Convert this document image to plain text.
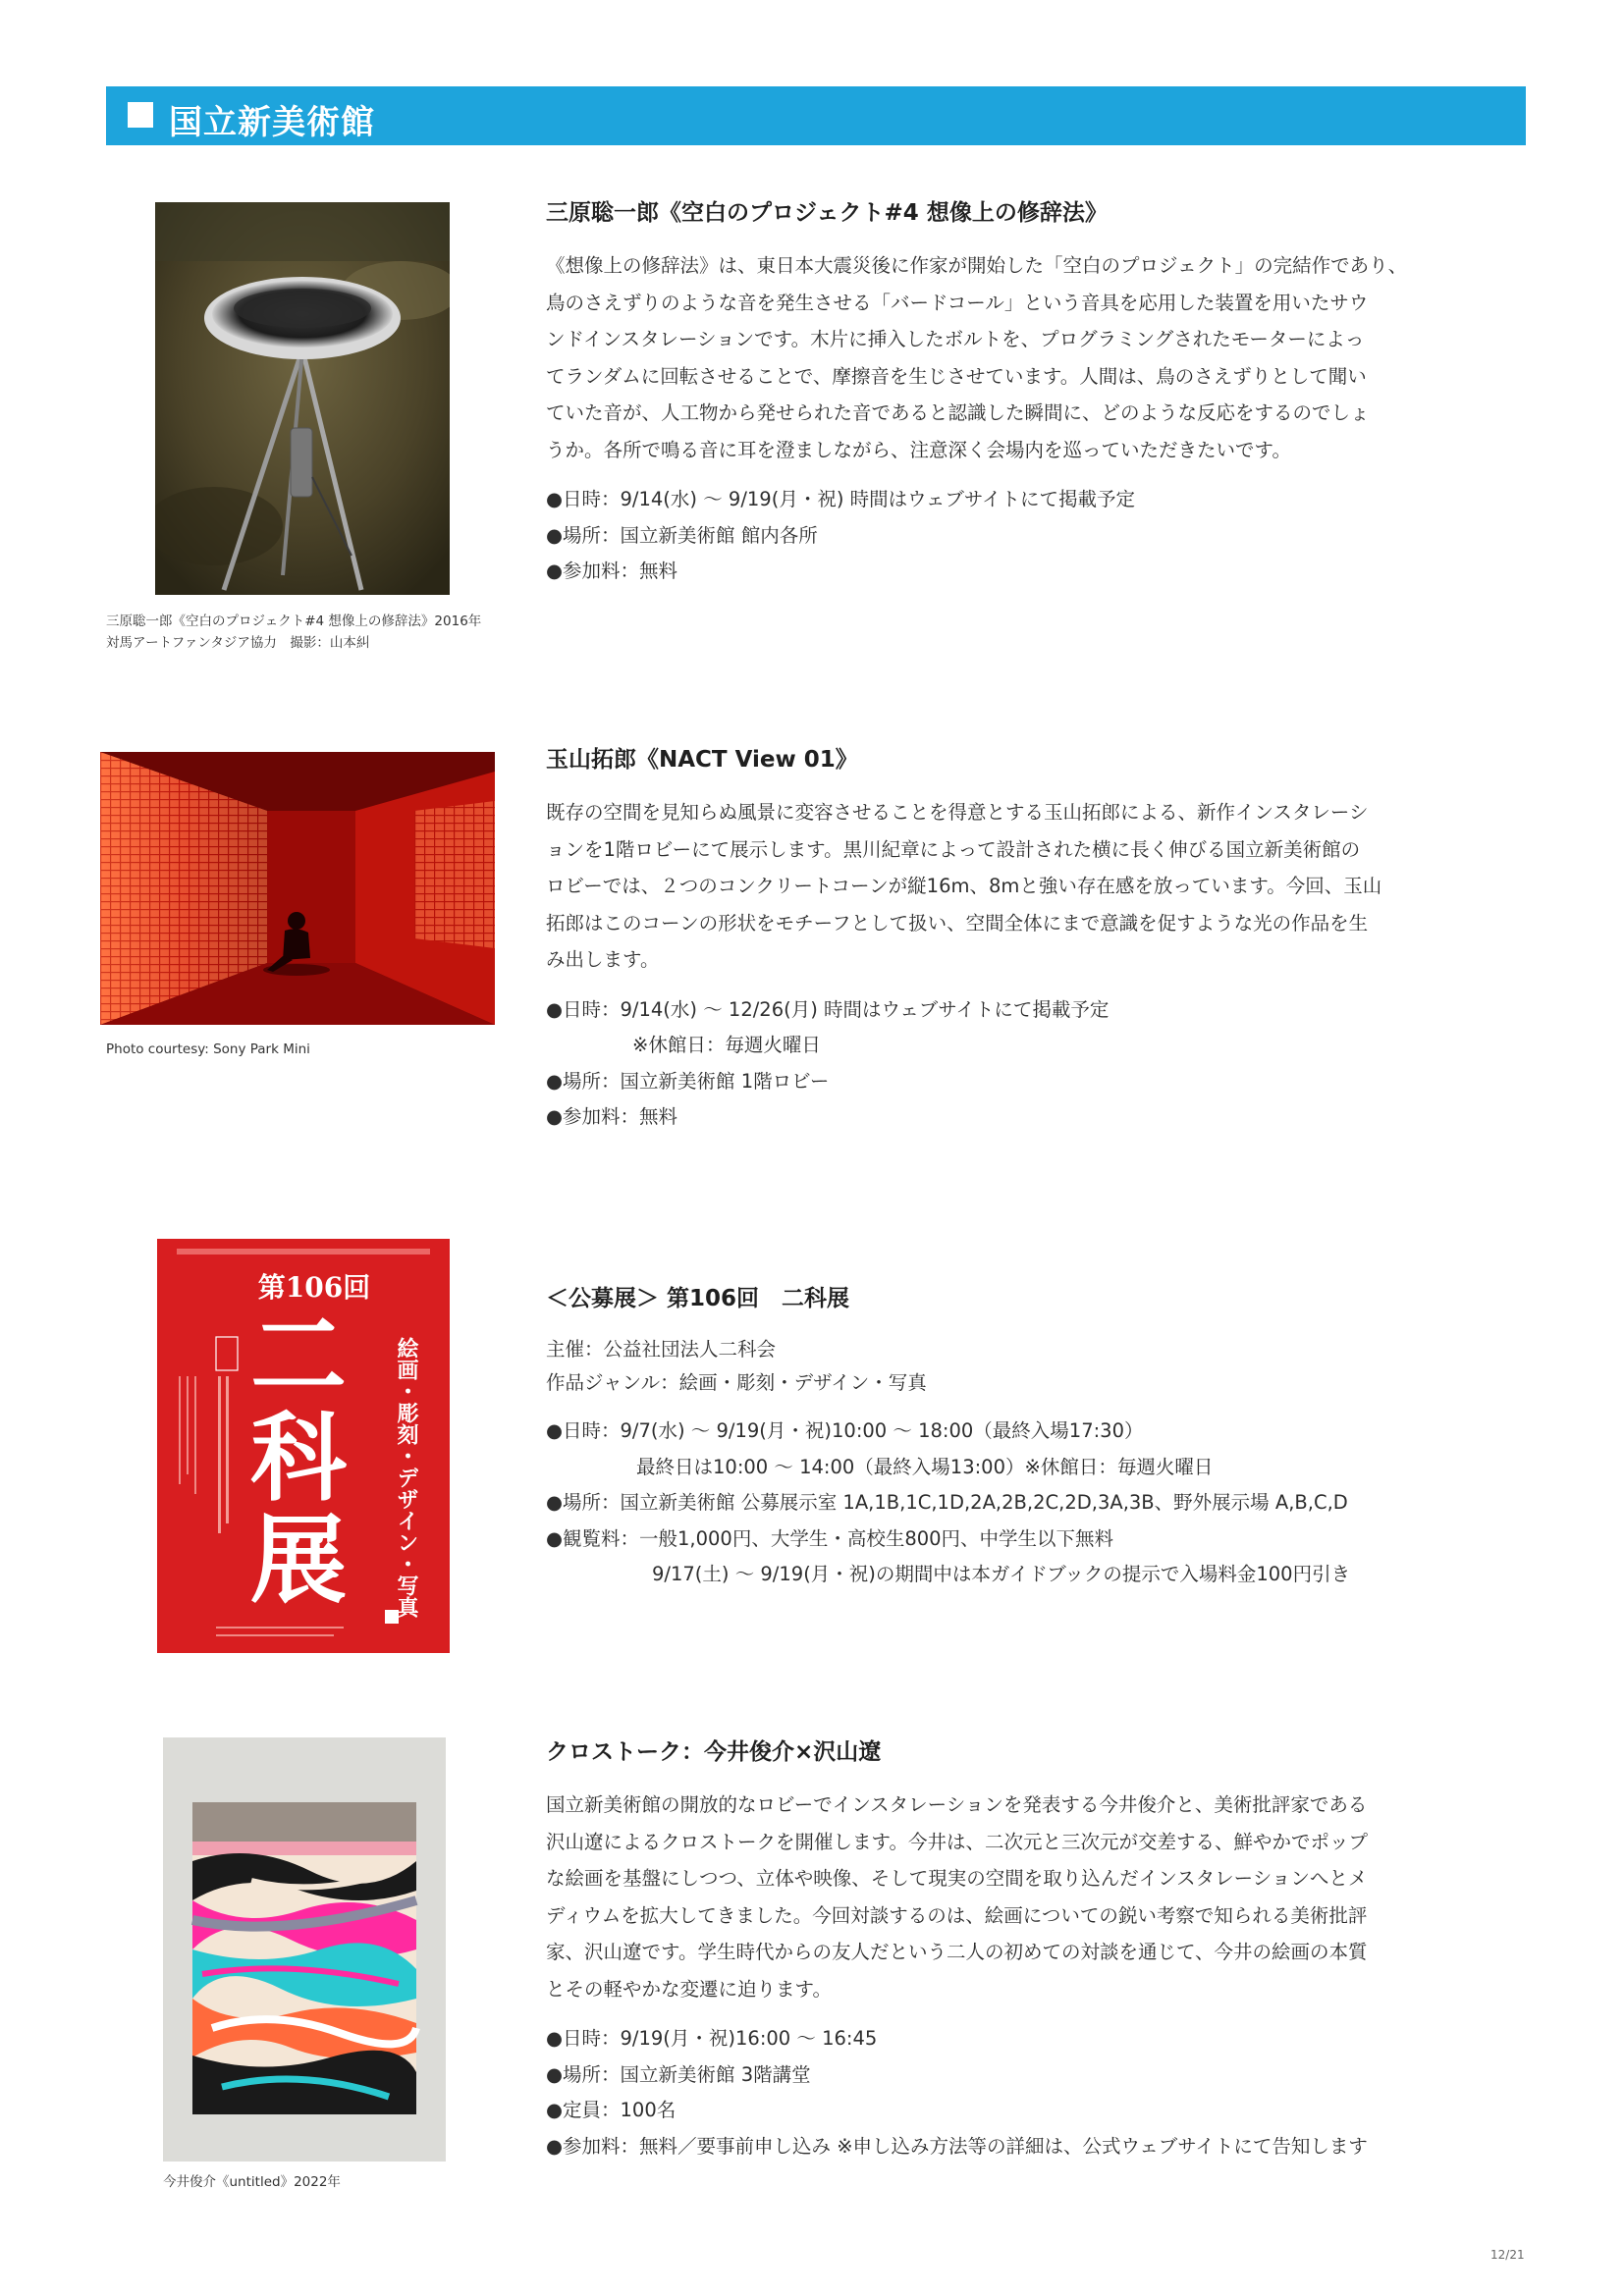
国立新美術館
三原聡一郎《空白のプロジェクト#4 想像上の修辞法》2016年
対馬アートファンタジア協力　撮影：山本糾
三原聡一郎《空白のプロジェクト#4 想像上の修辞法》
《想像上の修辞法》は、東日本大震災後に作家が開始した「空白のプロジェクト」の完結作であり、
鳥のさえずりのような音を発生させる「バードコール」という音具を応用した装置を用いたサウ
ンドインスタレーションです。木片に挿入したボルトを、プログラミングされたモーターによっ
てランダムに回転させることで、摩擦音を生じさせています。人間は、鳥のさえずりとして聞い
ていた音が、人工物から発せられた音であると認識した瞬間に、どのような反応をするのでしょ
うか。各所で鳴る音に耳を澄ましながら、注意深く会場内を巡っていただきたいです。
●日時：9/14(水) 〜 9/19(月・祝) 時間はウェブサイトにて掲載予定
●場所：国立新美術館 館内各所
●参加料：無料
Photo courtesy: Sony Park Mini
玉山拓郎《NACT View 01》
既存の空間を見知らぬ風景に変容させることを得意とする玉山拓郎による、新作インスタレーシ
ョンを1階ロビーにて展示します。黒川紀章によって設計された横に長く伸びる国立新美術館の
ロビーでは、２つのコンクリートコーンが縦16m、8mと強い存在感を放っています。今回、玉山
拓郎はこのコーンの形状をモチーフとして扱い、空間全体にまで意識を促すような光の作品を生
み出します。
●日時：9/14(水) 〜 12/26(月) 時間はウェブサイトにて掲載予定
※休館日：毎週火曜日
●場所：国立新美術館 1階ロビー
●参加料：無料
第106回
二
科
展 絵画・彫刻・デザイン・写真
＜公募展＞ 第106回　二科展
主催：公益社団法人二科会
作品ジャンル：絵画・彫刻・デザイン・写真
●日時：9/7(水) 〜 9/19(月・祝)10:00 〜 18:00（最終入場17:30）
最終日は10:00 〜 14:00（最終入場13:00）※休館日：毎週火曜日
●場所：国立新美術館 公募展示室 1A,1B,1C,1D,2A,2B,2C,2D,3A,3B、野外展示場 A,B,C,D
●観覧料：一般1,000円、大学生・高校生800円、中学生以下無料
9/17(土) 〜 9/19(月・祝)の期間中は本ガイドブックの提示で入場料金100円引き
今井俊介《untitled》2022年
クロストーク：今井俊介×沢山遼
国立新美術館の開放的なロビーでインスタレーションを発表する今井俊介と、美術批評家である
沢山遼によるクロストークを開催します。今井は、二次元と三次元が交差する、鮮やかでポップ
な絵画を基盤にしつつ、立体や映像、そして現実の空間を取り込んだインスタレーションへとメ
ディウムを拡大してきました。今回対談するのは、絵画についての鋭い考察で知られる美術批評
家、沢山遼です。学生時代からの友人だという二人の初めての対談を通じて、今井の絵画の本質
とその軽やかな変遷に迫ります。
●日時：9/19(月・祝)16:00 〜 16:45
●場所：国立新美術館 3階講堂
●定員：100名
●参加料：無料／要事前申し込み ※申し込み方法等の詳細は、公式ウェブサイトにて告知します
12/21
